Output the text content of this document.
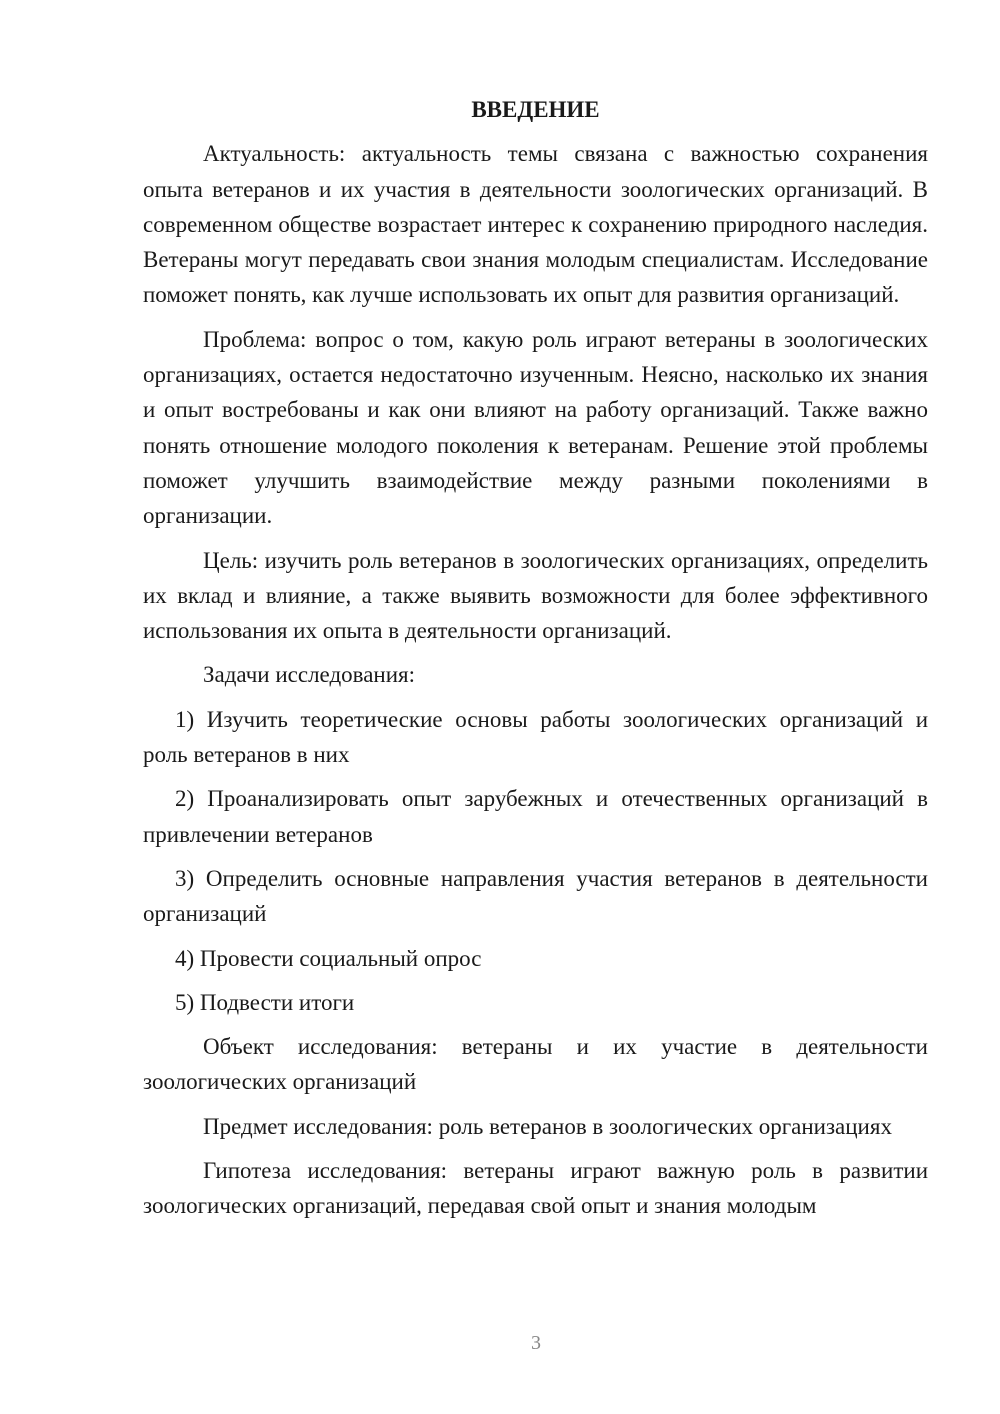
ВВЕДЕНИЕ

Актуальность: актуальность темы связана с важностью сохранения опыта ветеранов и их участия в деятельности зоологических организаций. В современном обществе возрастает интерес к сохранению природного наследия. Ветераны могут передавать свои знания молодым специалистам. Исследование поможет понять, как лучше использовать их опыт для развития организаций.

Проблема: вопрос о том, какую роль играют ветераны в зоологических организациях, остается недостаточно изученным. Неясно, насколько их знания и опыт востребованы и как они влияют на работу организаций. Также важно понять отношение молодого поколения к ветеранам. Решение этой проблемы поможет улучшить взаимодействие между разными поколениями в организации.

Цель: изучить роль ветеранов в зоологических организациях, определить их вклад и влияние, а также выявить возможности для более эффективного использования их опыта в деятельности организаций.

Задачи исследования:

1) Изучить теоретические основы работы зоологических организаций и роль ветеранов в них

2) Проанализировать опыт зарубежных и отечественных организаций в привлечении ветеранов

3) Определить основные направления участия ветеранов в деятельности организаций

4) Провести социальный опрос

5) Подвести итоги

Объект исследования: ветераны и их участие в деятельности зоологических организаций

Предмет исследования: роль ветеранов в зоологических организациях

Гипотеза исследования: ветераны играют важную роль в развитии зоологических организаций, передавая свой опыт и знания молодым

3
